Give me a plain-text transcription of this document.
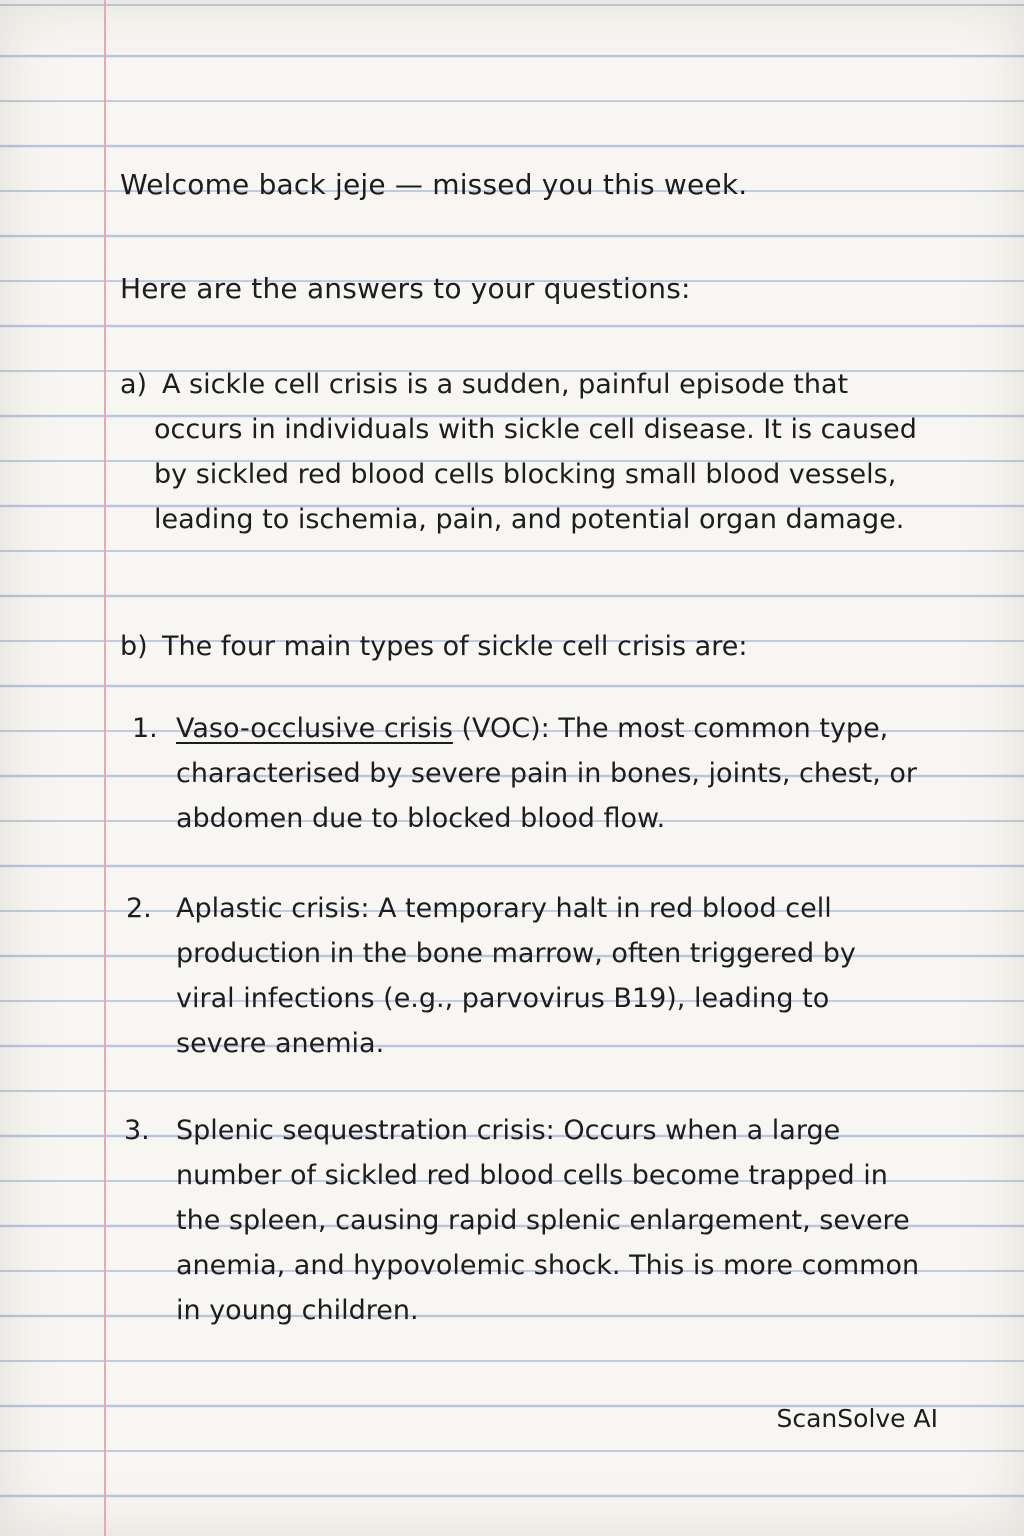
Welcome back jeje — missed you this week.
Here are the answers to your questions:
a) A sickle cell crisis is a sudden, painful episode that occurs in individuals with sickle cell disease. It is caused by sickled red blood cells blocking small blood vessels, leading to ischemia, pain, and potential organ damage.
b) The four main types of sickle cell crisis are:
1. Vaso-occlusive crisis (VOC): The most common type, characterised by severe pain in bones, joints, chest, or abdomen due to blocked blood flow.
2. Aplastic crisis: A temporary halt in red blood cell production in the bone marrow, often triggered by viral infections (e.g., parvovirus B19), leading to severe anemia.
3. Splenic sequestration crisis: Occurs when a large number of sickled red blood cells become trapped in the spleen, causing rapid splenic enlargement, severe anemia, and hypovolemic shock. This is more common in young children.
ScanSolve AI
